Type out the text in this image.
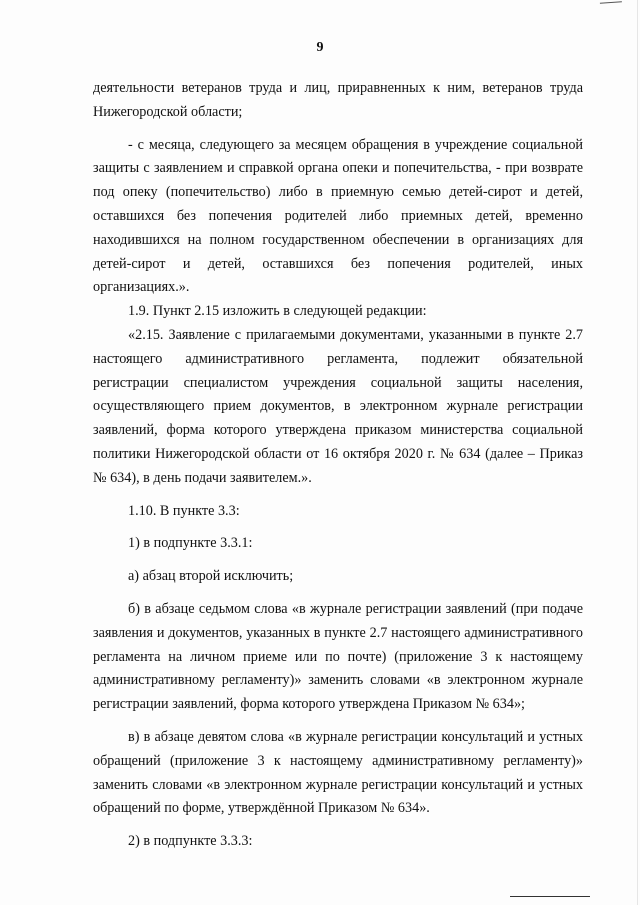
9

деятельности ветеранов труда и лиц, приравненных к ним, ветеранов труда Нижегородской области;

- с месяца, следующего за месяцем обращения в учреждение социальной защиты с заявлением и справкой органа опеки и попечительства, - при возврате под опеку (попечительство) либо в приемную семью детей-сирот и детей, оставшихся без попечения родителей либо приемных детей, временно находившихся на полном государственном обеспечении в организациях для детей-сирот и детей, оставшихся без попечения родителей, иных организациях.».

1.9. Пункт 2.15 изложить в следующей редакции:

«2.15. Заявление с прилагаемыми документами, указанными в пункте 2.7 настоящего административного регламента, подлежит обязательной регистрации специалистом учреждения социальной защиты населения, осуществляющего прием документов, в электронном журнале регистрации заявлений, форма которого утверждена приказом министерства социальной политики Нижегородской области от 16 октября 2020 г. № 634 (далее – Приказ № 634), в день подачи заявителем.».

1.10. В пункте 3.3:

1) в подпункте 3.3.1:

а) абзац второй исключить;

б) в абзаце седьмом слова «в журнале регистрации заявлений (при подаче заявления и документов, указанных в пункте 2.7 настоящего административного регламента на личном приеме или по почте) (приложение 3 к настоящему административному регламенту)» заменить словами «в электронном журнале регистрации заявлений, форма которого утверждена Приказом № 634»;

в) в абзаце девятом слова «в журнале регистрации консультаций и устных обращений (приложение 3 к настоящему административному регламенту)» заменить словами «в электронном журнале регистрации консультаций и устных обращений по форме, утверждённой Приказом № 634».

2) в подпункте 3.3.3:
